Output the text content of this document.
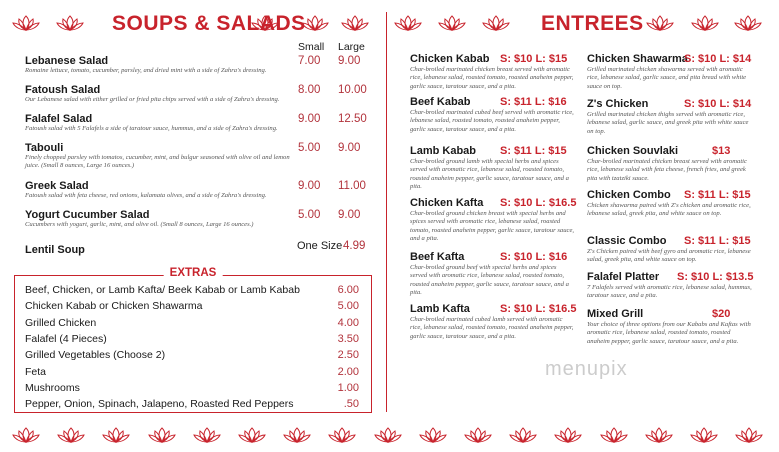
SOUPS & SALADS	ENTREES
Small Large
Lebanese Salad
Romaine lettuce, tomato, cucumber, parsley, and dried mint with a side of Zahra's dressing.
7.00 9.00
Fatoush Salad
Our Lebanese salad with either grilled or fried pita chips served with a side of Zahra's dressing.
8.00 10.00
Falafel Salad
Fatoush salad with 5 Falafels a side of taratour sauce, hummus, and a side of Zahra's dressing.
9.00 12.50
Tabouli
Finely chopped parsley with tomatos, cucumber, mint, and bulgur seasoned with olive oil and lemon juice. (Small 8 ounces, Large 16 ounces.)
5.00 9.00
Greek Salad
Fatoush salad with feta cheese, red onions, kalamata olives, and a side of Zahra's dressing.
9.00 11.00
Yogurt Cucumber Salad
Cucumbers with yogurt, garlic, mint, and olive oil. (Small 8 ounces, Large 16 ounces.)
5.00 9.00
Lentil Soup	One Size 4.99
EXTRAS
Beef, Chicken, or Lamb Kafta/ Beek Kabab or Lamb Kabab	6.00
Chicken Kabab or Chicken Shawarma	5.00
Grilled Chicken	4.00
Falafel (4 Pieces)	3.50
Grilled Vegetables (Choose 2)	2.50
Feta	2.00
Mushrooms	1.00
Pepper, Onion, Spinach, Jalapeno, Roasted Red Peppers	.50
Chicken Kabab S: $10 L: $15
Char-broiled marinated chicken breast served with aromatic rice, lebanese salad, roasted tomato, roasted anaheim pepper, garlic sauce, taratour sauce, and a pita.
Beef Kabab	S: $11 L: $16
Char-broiled marinated cubed beef served with aromatic rice, lebanese salad, roasted tomato, roasted anaheim pepper, garlic sauce, taratour sauce, and a pita.
Lamb Kabab	S: $11 L: $15
Char-broiled ground lamb with special herbs and spices served with aromatic rice, lebanese salad, roasted tomato, roasted anaheim pepper, garlic sauce, taratour sauce, and a pita.
Chicken Kafta	S: $10 L: $16.5
Char-broiled ground chicken breast with special herbs and spices served with aromatic rice, lebanese salad, roasted tomato, roasted anaheim pepper, garlic sauce, taratour sauce, and a pita.
Beef Kafta	S: $10 L: $16
Char-broiled ground beef with special herbs and spices served with aromatic rice, lebanese salad, roasted tomato, roasted anaheim pepper, garlic sauce, taratour sauce, and a pita.
Lamb Kafta	S: $10 L: $16.5
Char-broiled marinated cubed lamb served with aromatic rice, lebanese salad, roasted tomato, roasted anaheim pepper, garlic sauce, taratour sauce, and a pita.
Chicken Shawarma
S: $10 L: $14
Grilled marinated chicken shawarma served with aromatic rice, lebanese salad, garlic sauce, and pita bread with white sauce on top.
Z's Chicken	S: $10 L: $14
Grilled marinated chicken thighs served with aromatic rice, lebanese salad, garlic sauce, and greek pita with white sauce on top.
Chicken Souvlaki	$13
Char-broiled marinated chicken breast served with aromatic rice, lebanese salad with feta cheese, french fries, and greek pita with tzatziki sauce.
Chicken Combo	S: $11 L: $15
Chicken shawarma paired with Z's chicken and aromatic rice, lebanese salad, greek pita, and white sauce on top.
Classic Combo	S: $11 L: $15
Z's Chicken paired with beef gyro and aromatic rice, lebanese salad, greek pita, and white sauce on top.
Falafel Platter	S: $10 L: $13.5
7 Falafels served with aromatic rice, lebanese salad, hummus, taratour sauce, and a pita.
Mixed Grill	$20
Your choice of three options from our Kababs and Kaftas with aromatic rice, lebanese salad, roasted tomato, roasted anaheim pepper, garlic sauce, taratour sauce, and a pita.
menupix
